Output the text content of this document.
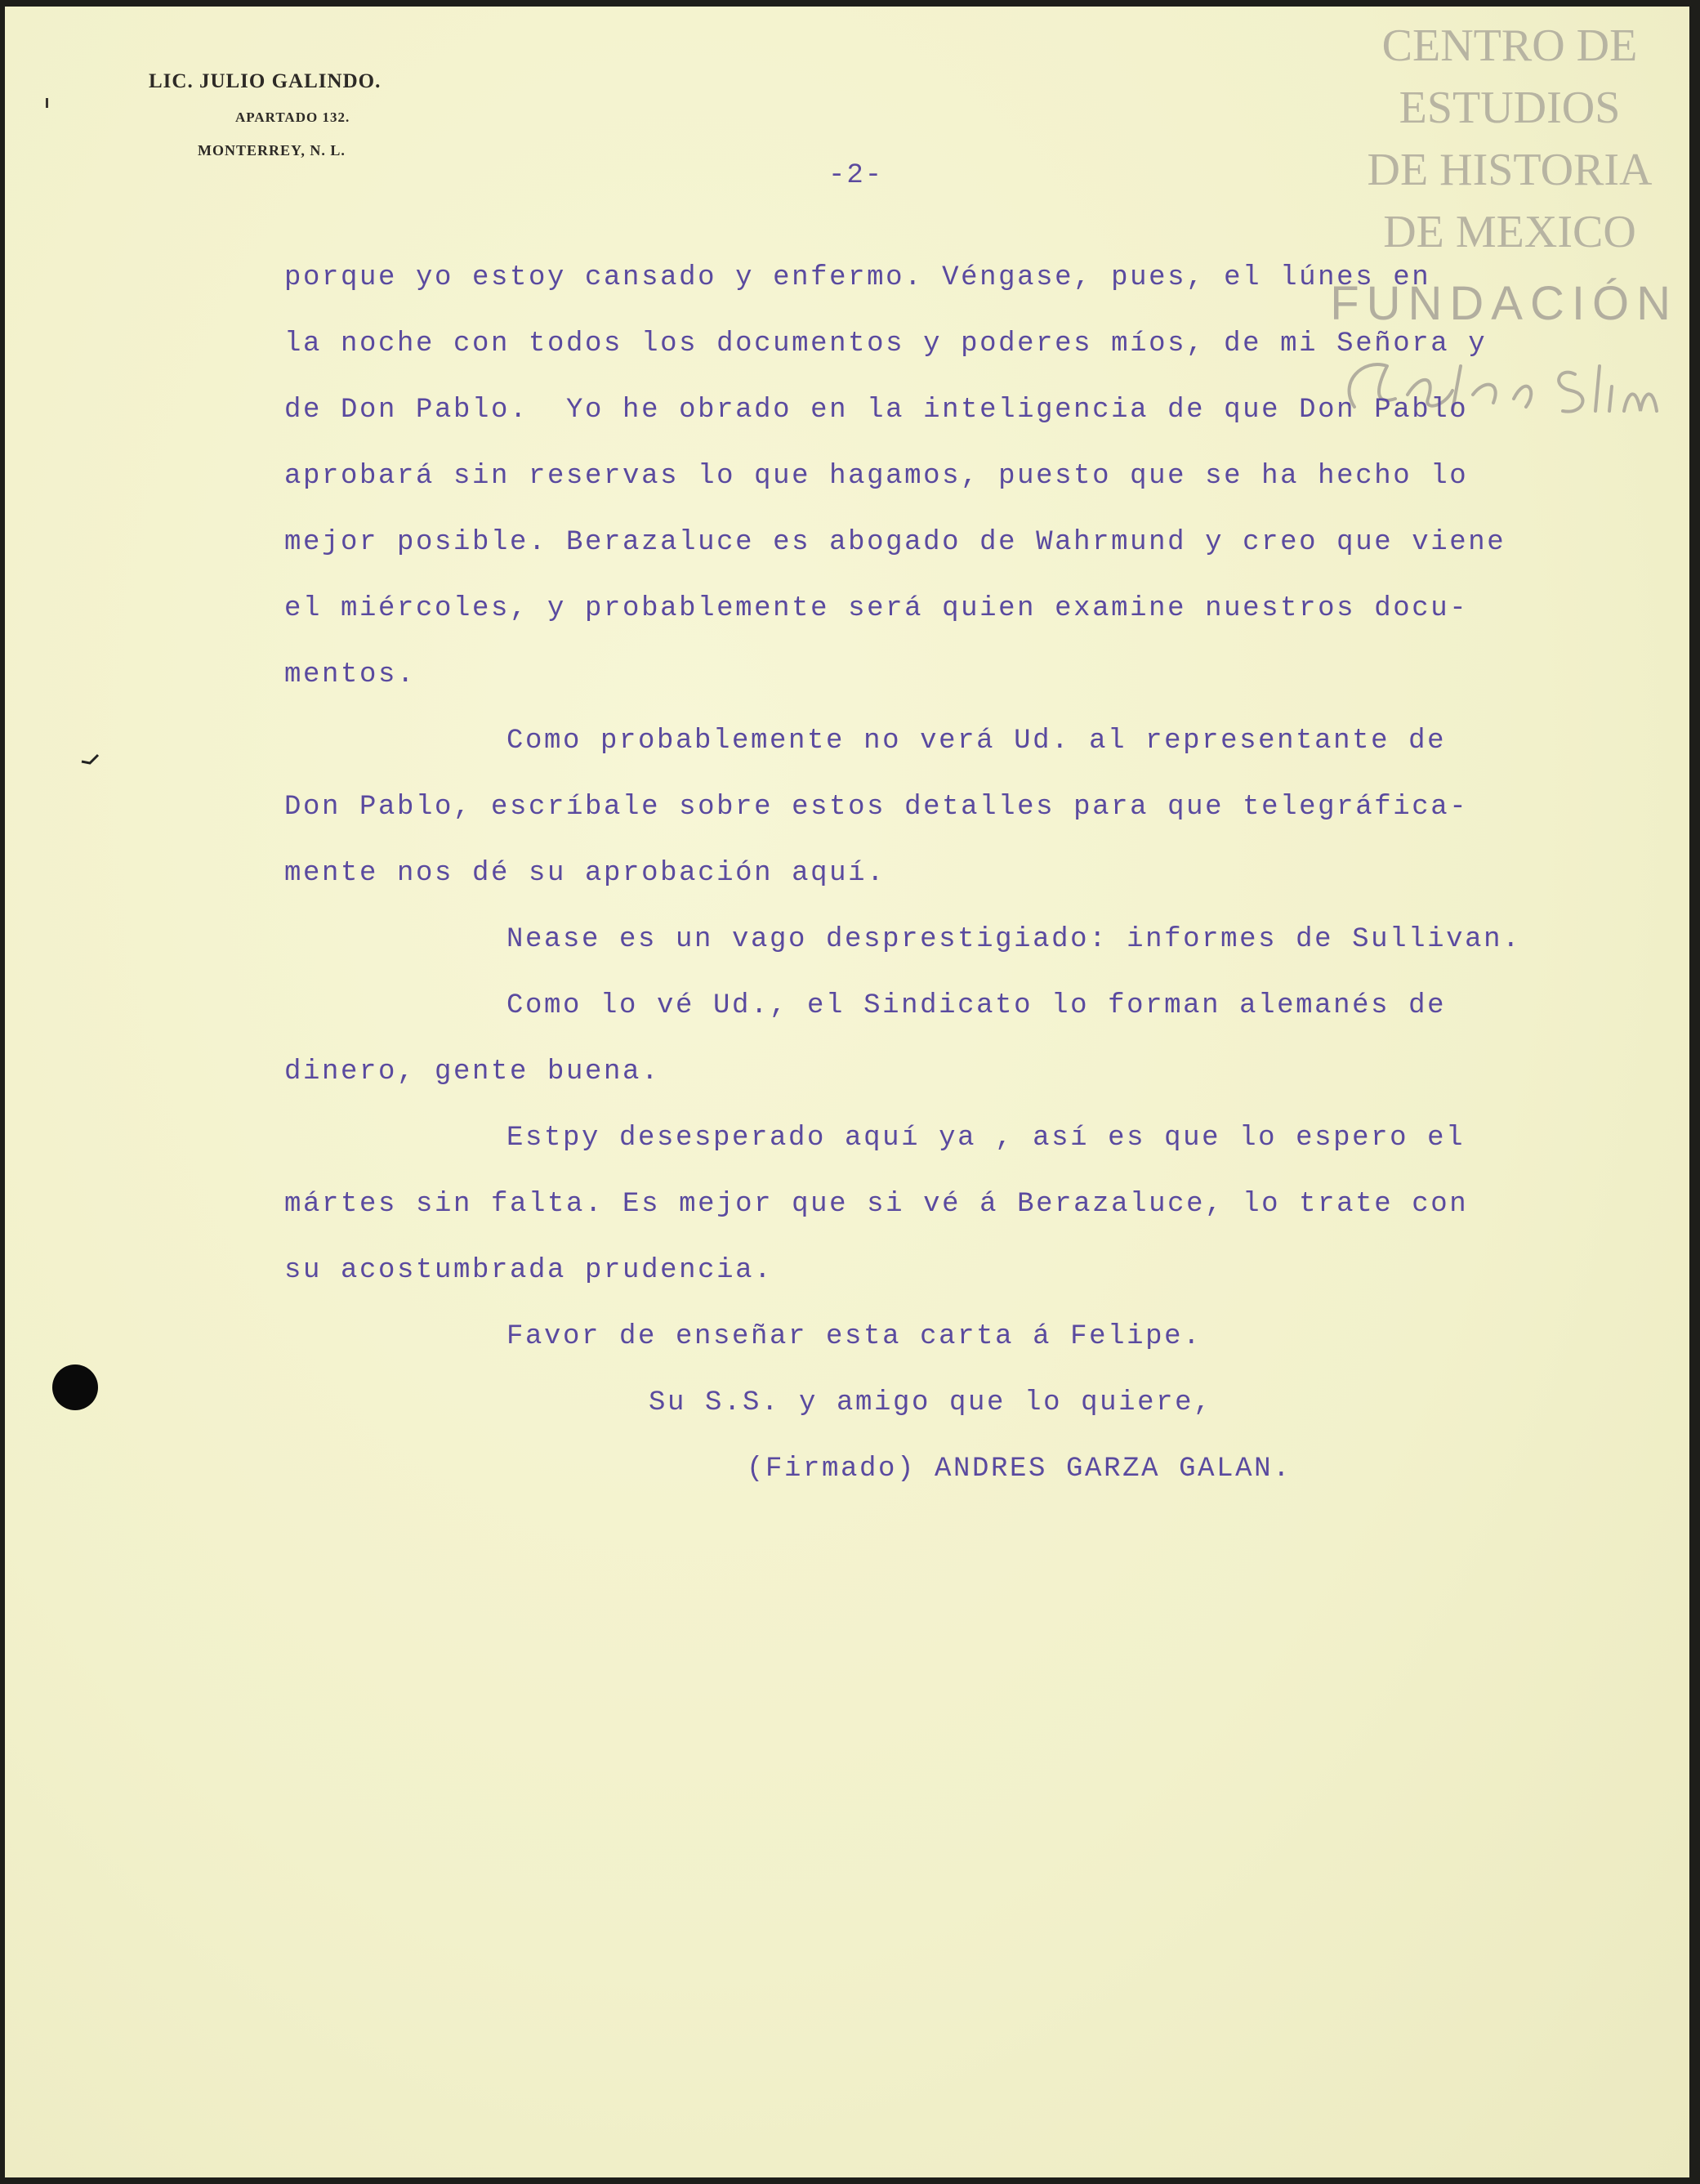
LIC. JULIO GALINDO.
APARTADO 132.
MONTERREY, N. L.
CENTRO DE
ESTUDIOS
DE HISTORIA
DE MEXICO
FUNDACIÓN
-2-
porque yo estoy cansado y enfermo. Véngase, pues, el lúnes en
la noche con todos los documentos y poderes míos, de mi Señora y
de Don Pablo.  Yo he obrado en la inteligencia de que Don Pablo
aprobará sin reservas lo que hagamos, puesto que se ha hecho lo
mejor posible. Berazaluce es abogado de Wahrmund y creo que viene
el miércoles, y probablemente será quien examine nuestros docu-
mentos.
Como probablemente no verá Ud. al representante de
Don Pablo, escríbale sobre estos detalles para que telegráfica-
mente nos dé su aprobación aquí.
Nease es un vago desprestigiado: informes de Sullivan.
Como lo vé Ud., el Sindicato lo forman alemanés de
dinero, gente buena.
Estpy desesperado aquí ya , así es que lo espero el
mártes sin falta. Es mejor que si vé á Berazaluce, lo trate con
su acostumbrada prudencia.
Favor de enseñar esta carta á Felipe.
Su S.S. y amigo que lo quiere,
(Firmado) ANDRES GARZA GALAN.
